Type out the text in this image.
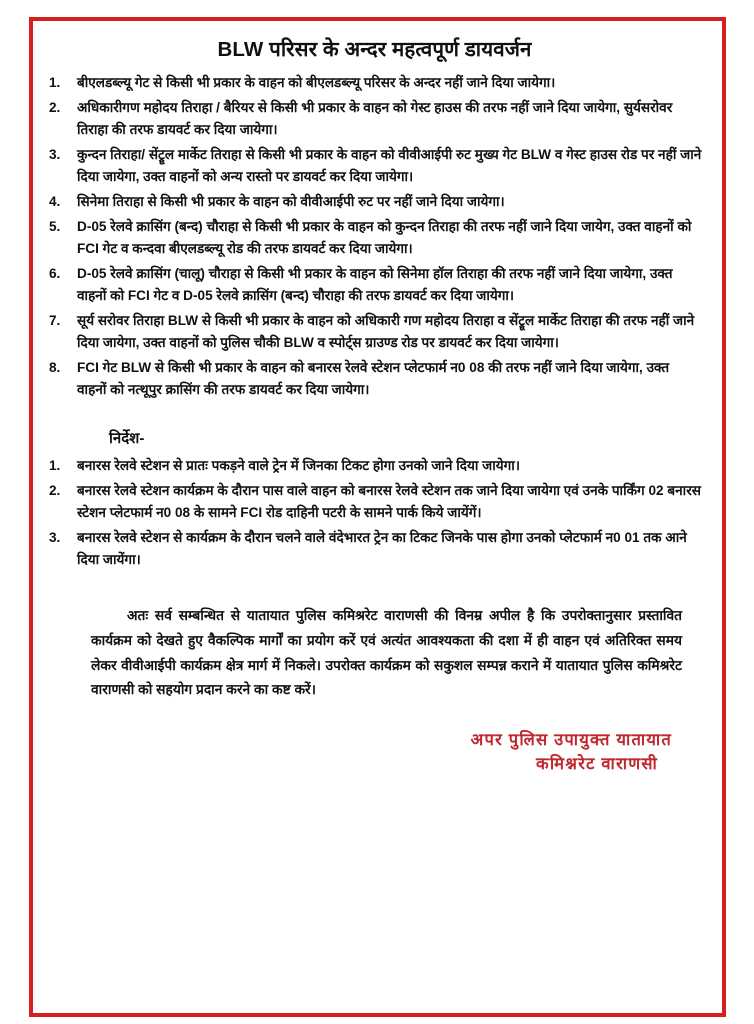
BLW परिसर के अन्दर महत्वपूर्ण डायवर्जन
1.	बीएलडब्ल्यू गेट से किसी भी प्रकार के वाहन को बीएलडब्ल्यू परिसर के अन्दर नहीं जाने दिया जायेगा।
2.	अधिकारीगण महोदय तिराहा / बैरियर से किसी भी प्रकार के वाहन को गेस्ट हाउस की तरफ नहीं जाने दिया जायेगा, सुर्यसरोवर तिराहा की तरफ डायवर्ट कर दिया जायेगा।
3.	कुन्दन तिराहा/ सेंट्रूल मार्केट तिराहा से किसी भी प्रकार के वाहन को वीवीआईपी रुट मुख्य गेट BLW व गेस्ट हाउस रोड पर नहीं जाने दिया जायेगा, उक्त वाहनों को अन्य रास्तो पर डायवर्ट कर दिया जायेगा।
4.	सिनेमा तिराहा से किसी भी प्रकार के वाहन को वीवीआईपी रुट पर नहीं जाने दिया जायेगा।
5.	D-05 रेलवे क्रासिंग (बन्द) चौराहा से किसी भी प्रकार के वाहन को कुन्दन तिराहा की तरफ नहीं जाने दिया जायेग, उक्त वाहनों को FCI गेट व कन्दवा बीएलडब्ल्यू रोड की तरफ डायवर्ट कर दिया जायेगा।
6.	D-05 रेलवे क्रासिंग (चालू) चौराहा से किसी भी प्रकार के वाहन को सिनेमा हॉल तिराहा की तरफ नहीं जाने दिया जायेगा, उक्त वाहनों को FCI गेट व D-05 रेलवे क्रासिंग (बन्द) चौराहा की तरफ डायवर्ट कर दिया जायेगा।
7.	सूर्य सरोवर तिराहा BLW से किसी भी प्रकार के वाहन को अधिकारी गण महोदय तिराहा व सेंट्रूल मार्केट तिराहा की तरफ नहीं जाने दिया जायेगा, उक्त वाहनों को पुलिस चौकी BLW व स्पोर्ट्स ग्राउण्ड रोड पर डायवर्ट कर दिया जायेगा।
8.	FCI गेट BLW से किसी भी प्रकार के वाहन को बनारस रेलवे स्टेशन प्लेटफार्म न0 08 की तरफ नहीं जाने दिया जायेगा, उक्त वाहनों को नत्थूपुर क्रासिंग की तरफ डायवर्ट कर दिया जायेगा।
निर्देश-
1.	बनारस रेलवे स्टेशन से प्रातः पकड़ने वाले ट्रेन में जिनका टिकट होगा उनको जाने दिया जायेगा।
2.	बनारस रेलवे स्टेशन कार्यक्रम के दौरान पास वाले वाहन को बनारस रेलवे स्टेशन तक जाने दिया जायेगा एवं उनके पार्किंग 02 बनारस स्टेशन प्लेटफार्म न0 08 के सामने FCI रोड दाहिनी पटरी के सामने पार्क किये जायेंगें।
3.	बनारस रेलवे स्टेशन से कार्यक्रम के दौरान चलने वाले वंदेभारत ट्रेन का टिकट जिनके पास होगा उनको प्लेटफार्म न0 01 तक आने दिया जायेंगा।

अतः सर्व सम्बन्धित से यातायात पुलिस कमिश्ररेट वाराणसी की विनम्र अपील है कि उपरोक्तानुसार प्रस्तावित कार्यक्रम को देखते हुए वैकल्पिक मार्गों का प्रयोग करें एवं अत्यंत आवश्यकता की दशा में ही वाहन एवं अतिरिक्त समय लेकर वीवीआईपी कार्यक्रम क्षेत्र मार्ग में निकले। उपरोक्त कार्यक्रम को सकुशल सम्पन्न कराने में यातायात पुलिस कमिश्ररेट वाराणसी को सहयोग प्रदान करने का कष्ट करें।

अपर पुलिस उपायुक्त यातायात
कमिश्नरेट वाराणसी
